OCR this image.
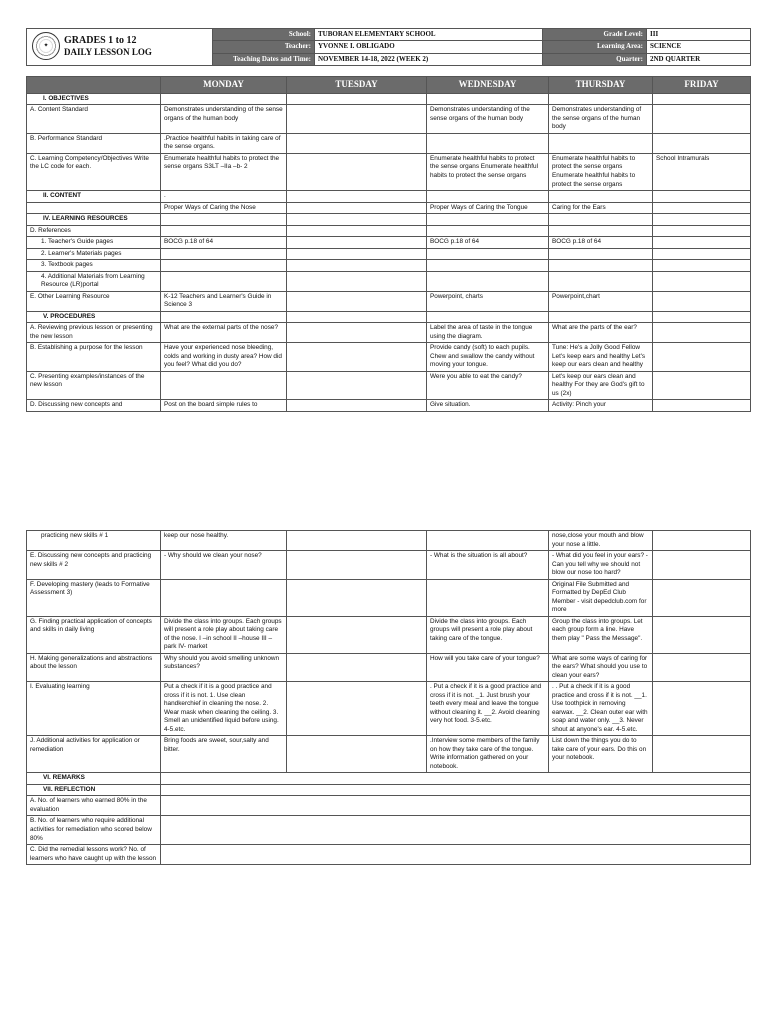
✦ GRADES 1 to 12
DAILY LESSON LOG	School:	TUBORAN ELEMENTARY SCHOOL	Grade Level:	III
	Teacher:	YVONNE I. OBLIGADO	Learning Area:	SCIENCE
	Teaching Dates and Time:	NOVEMBER 14-18, 2022 (WEEK 2)	Quarter:	2ND QUARTER

	MONDAY	TUESDAY	WEDNESDAY	THURSDAY	FRIDAY
I. OBJECTIVES					
A. Content Standard	Demonstrates understanding of the sense organs of the human body		Demonstrates understanding of the sense organs of the human body	Demonstrates understanding of the sense organs of the human body	
B. Performance Standard	.Practice healthful habits in taking care of the sense organs.				
C. Learning Competency/Objectives Write the LC code for each.	Enumerate healthful habits to protect the sense organs S3LT –IIa –b- 2		Enumerate healthful habits to protect the sense organs Enumerate healthful habits to protect the sense organs	Enumerate healthful habits to protect the sense organs Enumerate healthful habits to protect the sense organs	School Intramurals
II. CONTENT	.				
	Proper Ways of Caring the Nose		Proper Ways of Caring the Tongue	Caring for the Ears	
IV. LEARNING RESOURCES					
D. References					
1. Teacher's Guide pages	BOCG p.18 of 64		BOCG p.18 of 64	BOCG p.18 of 64	
2. Learner's Materials pages					
3. Textbook pages					
4. Additional Materials from Learning Resource (LR)portal					
E. Other Learning Resource	K-12 Teachers and Learner's Guide in Science 3		Powerpoint, charts	Powerpoint,chart	
V. PROCEDURES					
A. Reviewing previous lesson or presenting the new lesson	What are the external parts of the nose?		Label the area of taste in the tongue using the diagram.	What are the parts of the ear?	
B. Establishing a purpose for the lesson	Have your experienced nose bleeding, colds and working in dusty area? How did you feel? What did you do?		Provide candy (soft) to each pupils. Chew and swallow the candy without moving your tongue.	Tune: He's a Jolly Good Fellow Let's keep ears and healthy Let's keep our ears clean and healthy	
C. Presenting examples/instances of the new lesson			Were you able to eat the candy?	Let's keep our ears clean and healthy For they are God's gift to us (2x)	
D. Discussing new concepts and	Post on the board simple rules to		Give situation.	Activity: Pinch your	
practicing new skills # 1	keep our nose healthy.			nose,close your mouth and blow your nose a little.	
E. Discussing new concepts and practicing new skills # 2	- Why should we clean your nose?		- What is the situation is all about?	- What did you feel in your ears? - Can you tell why we should not blow our nose too hard?	
F. Developing mastery (leads to Formative Assessment 3)				Original File Submitted and Formatted by DepEd Club Member - visit depedclub.com for more	
G. Finding practical application of concepts and skills in daily living	Divide the class into groups. Each groups will present a role play about taking care of the nose. I –in school II –house III –park IV- market		Divide the class into groups. Each groups will present a role play about taking care of the tongue.	Group the class into groups. Let each group form a line. Have them play " Pass the Message".	
H. Making generalizations and abstractions about the lesson	Why should you avoid smelling unknown substances?		How will you take care of your tongue?	What are some ways of caring for the ears? What should you use to clean your ears?	
I. Evaluating learning	Put a check if it is a good practice and cross if it is not. 1. Use clean handkerchief in cleaning the nose. 2. Wear mask when cleaning the ceiling. 3. Smell an unidentified liquid before using. 4-5.etc.		. Put a check if it is a good practice and cross if it is not. _1. Just brush your teeth every meal and leave the tongue without cleaning it. __2. Avoid cleaning very hot food. 3-5.etc.	. . Put a check if it is a good practice and cross if it is not. __1. Use toothpick in removing earwax. __2. Clean outer ear with soap and water only. __3. Never shout at anyone's ear. 4-5.etc.	
J. Additional activities for application or remediation	Bring foods are sweet, sour,salty and bitter.		.Interview some members of the family on how they take care of the tongue. Write information gathered on your notebook.	List down the things you do to take care of your ears. Do this on your notebook.	
VI. REMARKS					
VII. REFLECTION					
A. No. of learners who earned 80% in the evaluation					
B. No. of learners who require additional activities for remediation who scored below 80%					
C. Did the remedial lessons work? No. of learners who have caught up with the lesson					
